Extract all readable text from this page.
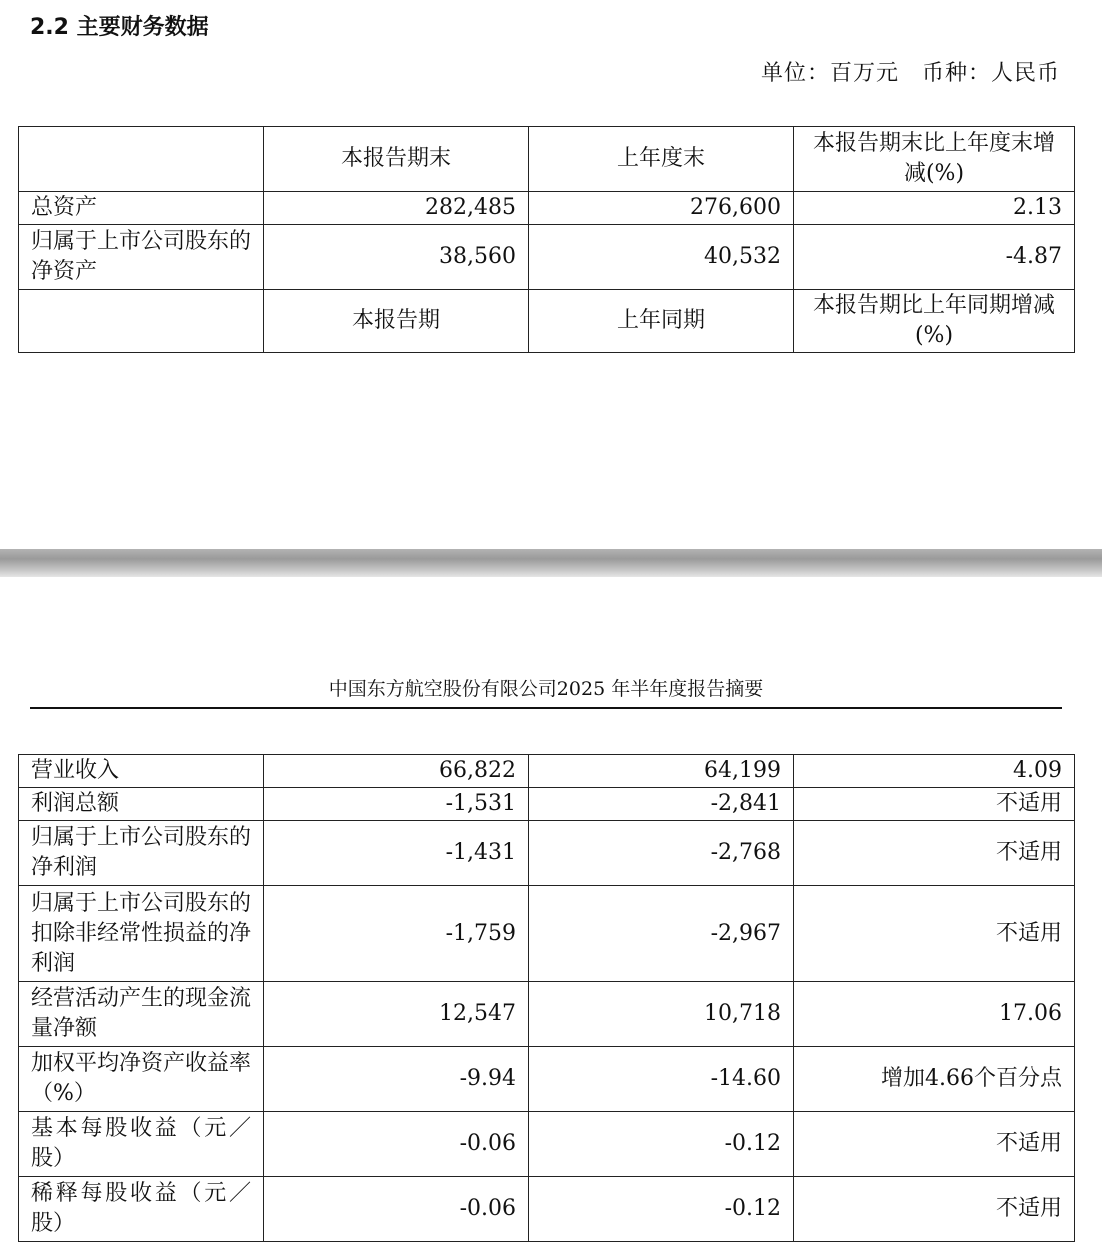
2.2 主要财务数据
单位：百万元　币种：人民币
	本报告期末	上年度末	本报告期末比上年度末增减(%)
总资产	282,485	276,600	2.13
归属于上市公司股东的净资产	38,560	40,532	-4.87
	本报告期	上年同期	本报告期比上年同期增减(%)
中国东方航空股份有限公司2025 年半年度报告摘要
营业收入	66,822	64,199	4.09
利润总额	-1,531	-2,841	不适用
归属于上市公司股东的净利润	-1,431	-2,768	不适用
归属于上市公司股东的扣除非经常性损益的净利润	-1,759	-2,967	不适用
经营活动产生的现金流量净额	12,547	10,718	17.06
加权平均净资产收益率（%）	-9.94	-14.60	增加4.66个百分点
基本每股收益（元／股）	-0.06	-0.12	不适用
稀释每股收益（元／股）	-0.06	-0.12	不适用
